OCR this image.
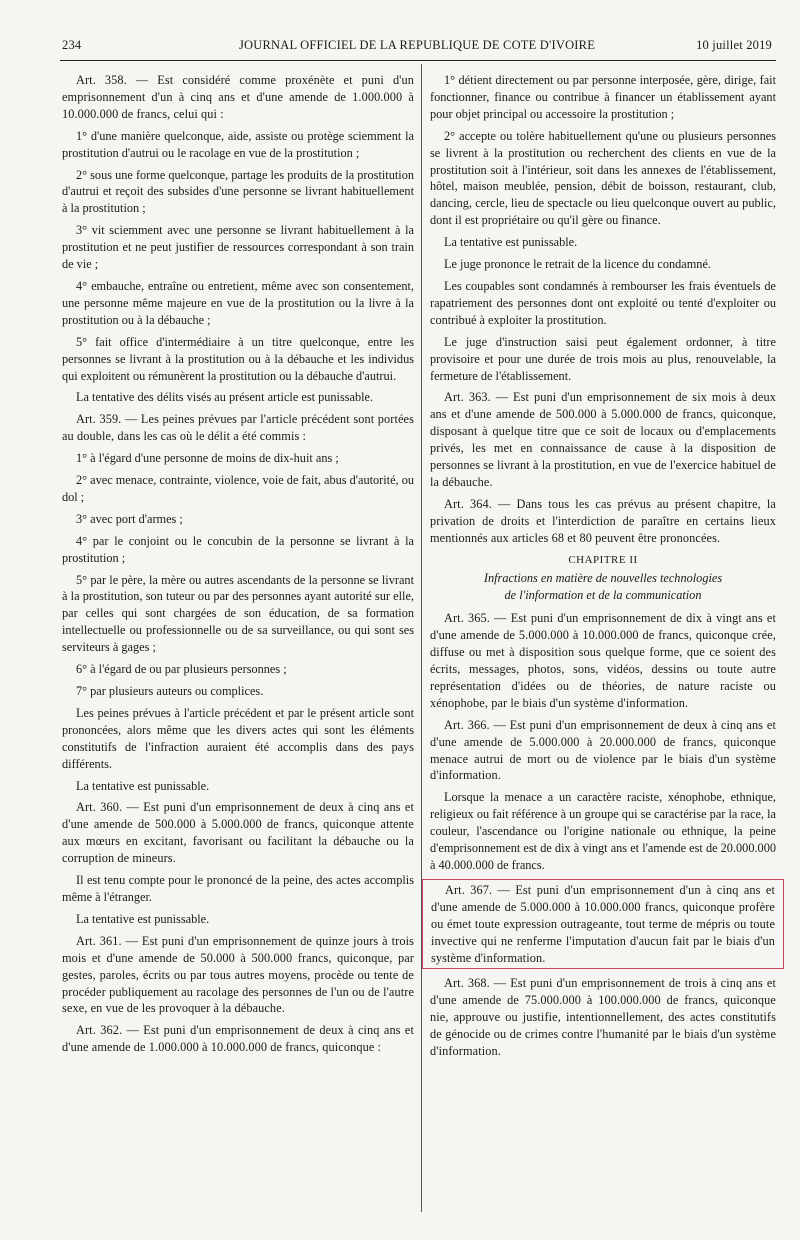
234	JOURNAL OFFICIEL DE LA REPUBLIQUE DE COTE D'IVOIRE	10 juillet 2019

Art. 358. — Est considéré comme proxénète et puni d'un emprisonnement d'un à cinq ans et d'une amende de 1.000.000 à 10.000.000 de francs, celui qui :

1° d'une manière quelconque, aide, assiste ou protège sciemment la prostitution d'autrui ou le racolage en vue de la prostitution ;

2° sous une forme quelconque, partage les produits de la prostitution d'autrui et reçoit des subsides d'une personne se livrant habituellement à la prostitution ;

3° vit sciemment avec une personne se livrant habituellement à la prostitution et ne peut justifier de ressources correspondant à son train de vie ;

4° embauche, entraîne ou entretient, même avec son consentement, une personne même majeure en vue de la prostitution ou la livre à la prostitution ou à la débauche ;

5° fait office d'intermédiaire à un titre quelconque, entre les personnes se livrant à la prostitution ou à la débauche et les individus qui exploitent ou rémunèrent la prostitution ou la débauche d'autrui.

La tentative des délits visés au présent article est punissable.

Art. 359. — Les peines prévues par l'article précédent sont portées au double, dans les cas où le délit a été commis :

1° à l'égard d'une personne de moins de dix-huit ans ;

2° avec menace, contrainte, violence, voie de fait, abus d'autorité, ou dol ;

3° avec port d'armes ;

4° par le conjoint ou le concubin de la personne se livrant à la prostitution ;

5° par le père, la mère ou autres ascendants de la personne se livrant à la prostitution, son tuteur ou par des personnes ayant autorité sur elle, par celles qui sont chargées de son éducation, de sa formation intellectuelle ou professionnelle ou de sa surveillance, ou qui sont ses serviteurs à gages ;

6° à l'égard de ou par plusieurs personnes ;

7° par plusieurs auteurs ou complices.

Les peines prévues à l'article précédent et par le présent article sont prononcées, alors même que les divers actes qui sont les éléments constitutifs de l'infraction auraient été accomplis dans des pays différents.

La tentative est punissable.

Art. 360. — Est puni d'un emprisonnement de deux à cinq ans et d'une amende de 500.000 à 5.000.000 de francs, quiconque attente aux mœurs en excitant, favorisant ou facilitant la débauche ou la corruption de mineurs.

Il est tenu compte pour le prononcé de la peine, des actes accomplis même à l'étranger.

La tentative est punissable.

Art. 361. — Est puni d'un emprisonnement de quinze jours à trois mois et d'une amende de 50.000 à 500.000 francs, quiconque, par gestes, paroles, écrits ou par tous autres moyens, procède ou tente de procéder publiquement au racolage des personnes de l'un ou de l'autre sexe, en vue de les provoquer à la débauche.

Art. 362. — Est puni d'un emprisonnement de deux à cinq ans et d'une amende de 1.000.000 à 10.000.000 de francs, quiconque :

1° détient directement ou par personne interposée, gère, dirige, fait fonctionner, finance ou contribue à financer un établissement ayant pour objet principal ou accessoire la prostitution ;

2° accepte ou tolère habituellement qu'une ou plusieurs personnes se livrent à la prostitution ou recherchent des clients en vue de la prostitution soit à l'intérieur, soit dans les annexes de l'établissement, hôtel, maison meublée, pension, débit de boisson, restaurant, club, dancing, cercle, lieu de spectacle ou lieu quelconque ouvert au public, dont il est propriétaire ou qu'il gère ou finance.

La tentative est punissable.

Le juge prononce le retrait de la licence du condamné.

Les coupables sont condamnés à rembourser les frais éventuels de rapatriement des personnes dont ont exploité ou tenté d'exploiter ou contribué à exploiter la prostitution.

Le juge d'instruction saisi peut également ordonner, à titre provisoire et pour une durée de trois mois au plus, renouvelable, la fermeture de l'établissement.

Art. 363. — Est puni d'un emprisonnement de six mois à deux ans et d'une amende de 500.000 à 5.000.000 de francs, quiconque, disposant à quelque titre que ce soit de locaux ou d'emplacements privés, les met en connaissance de cause à la disposition de personnes se livrant à la prostitution, en vue de l'exercice habituel de la débauche.

Art. 364. — Dans tous les cas prévus au présent chapitre, la privation de droits et l'interdiction de paraître en certains lieux mentionnés aux articles 68 et 80 peuvent être prononcées.

CHAPITRE II

Infractions en matière de nouvelles technologies
de l'information et de la communication

Art. 365. — Est puni d'un emprisonnement de dix à vingt ans et d'une amende de 5.000.000 à 10.000.000 de francs, quiconque crée, diffuse ou met à disposition sous quelque forme, que ce soient des écrits, messages, photos, sons, vidéos, dessins ou toute autre représentation d'idées ou de théories, de nature raciste ou xénophobe, par le biais d'un système d'information.

Art. 366. — Est puni d'un emprisonnement de deux à cinq ans et d'une amende de 5.000.000 à 20.000.000 de francs, quiconque menace autrui de mort ou de violence par le biais d'un système d'information.

Lorsque la menace a un caractère raciste, xénophobe, ethnique, religieux ou fait référence à un groupe qui se caractérise par la race, la couleur, l'ascendance ou l'origine nationale ou ethnique, la peine d'emprisonnement est de dix à vingt ans et l'amende est de 20.000.000 à 40.000.000 de francs.

Art. 367. — Est puni d'un emprisonnement d'un à cinq ans et d'une amende de 5.000.000 à 10.000.000 francs, quiconque profère ou émet toute expression outrageante, tout terme de mépris ou toute invective qui ne renferme l'imputation d'aucun fait par le biais d'un système d'information.

Art. 368. — Est puni d'un emprisonnement de trois à cinq ans et d'une amende de 75.000.000 à 100.000.000 de francs, quiconque nie, approuve ou justifie, intentionnellement, des actes constitutifs de génocide ou de crimes contre l'humanité par le biais d'un système d'information.
